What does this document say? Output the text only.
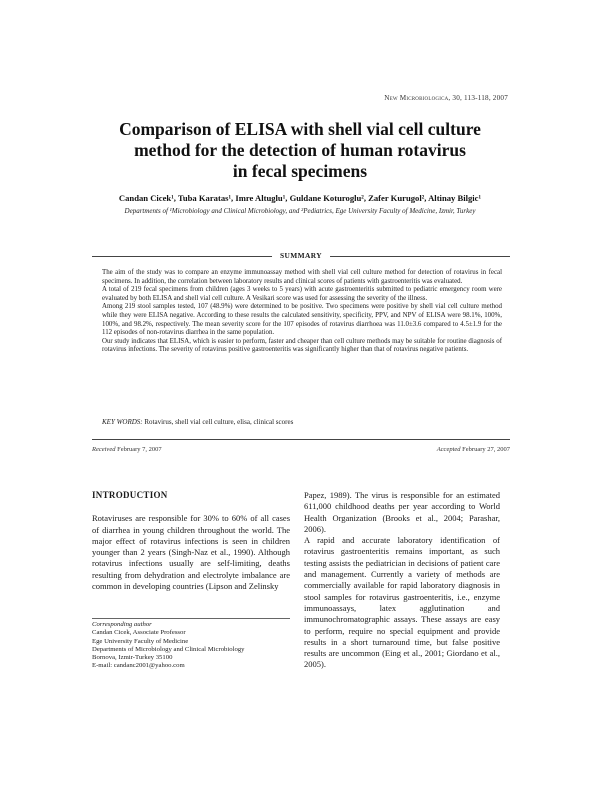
New Microbiologica, 30, 113-118, 2007
Comparison of ELISA with shell vial cell culture
method for the detection of human rotavirus
in fecal specimens
Candan Cicek¹, Tuba Karatas¹, Imre Altuglu¹, Guldane Koturoglu², Zafer Kurugol², Altinay Bilgic¹
Departments of ¹Microbiology and Clinical Microbiology, and ²Pediatrics, Ege University Faculty of Medicine, Izmir, Turkey
SUMMARY

The aim of the study was to compare an enzyme immunoassay method with shell vial cell culture method for detection of rotavirus in fecal specimens. In addition, the correlation between laboratory results and clinical scores of patients with gastroenteritis was evaluated.

A total of 219 fecal specimens from children (ages 3 weeks to 5 years) with acute gastroenteritis submitted to pediatric emergency room were evaluated by both ELISA and shell vial cell culture. A Vesikari score was used for assessing the severity of the illness.

Among 219 stool samples tested, 107 (48.9%) were determined to be positive. Two specimens were positive by shell vial cell culture method while they were ELISA negative. According to these results the calculated sensitivity, specificity, PPV, and NPV of ELISA were 98.1%, 100%, 100%, and 98.2%, respectively. The mean severity score for the 107 episodes of rotavirus diarrhoea was 11.0±3.6 compared to 4.5±1.9 for the 112 episodes of non-rotavirus diarrhea in the same population.

Our study indicates that ELISA, which is easier to perform, faster and cheaper than cell culture methods may be suitable for routine diagnosis of rotavirus infections. The severity of rotavirus positive gastroenteritis was significantly higher than that of rotavirus negative patients.

KEY WORDS: Rotavirus, shell vial cell culture, elisa, clinical scores
Received February 7, 2007	Accepted February 27, 2007
INTRODUCTION

Rotaviruses are responsible for 30% to 60% of all cases of diarrhea in young children throughout the world. The major effect of rotavirus infections is seen in children younger than 2 years (Singh-Naz et al., 1990). Although rotavirus infections usually are self-limiting, deaths resulting from dehydration and electrolyte imbalance are common in developing countries (Lipson and Zelinsky

Corresponding author
Candan Cicek, Associate Professor
Ege University Faculty of Medicine
Departments of Microbiology and Clinical Microbiology
Bornova, Izmir-Turkey 35100
E-mail: candanc2001@yahoo.com

Papez, 1989). The virus is responsible for an estimated 611,000 childhood deaths per year according to World Health Organization (Brooks et al., 2004; Parashar, 2006).

A rapid and accurate laboratory identification of rotavirus gastroenteritis remains important, as such testing assists the pediatrician in decisions of patient care and management. Currently a variety of methods are commercially available for rapid laboratory diagnosis in stool samples for rotavirus gastroenteritis, i.e., enzyme immunoassays, latex agglutination and immunochromatographic assays. These assays are easy to perform, require no special equipment and provide results in a short turnaround time, but false positive results are uncommon (Eing et al., 2001; Giordano et al., 2005).
